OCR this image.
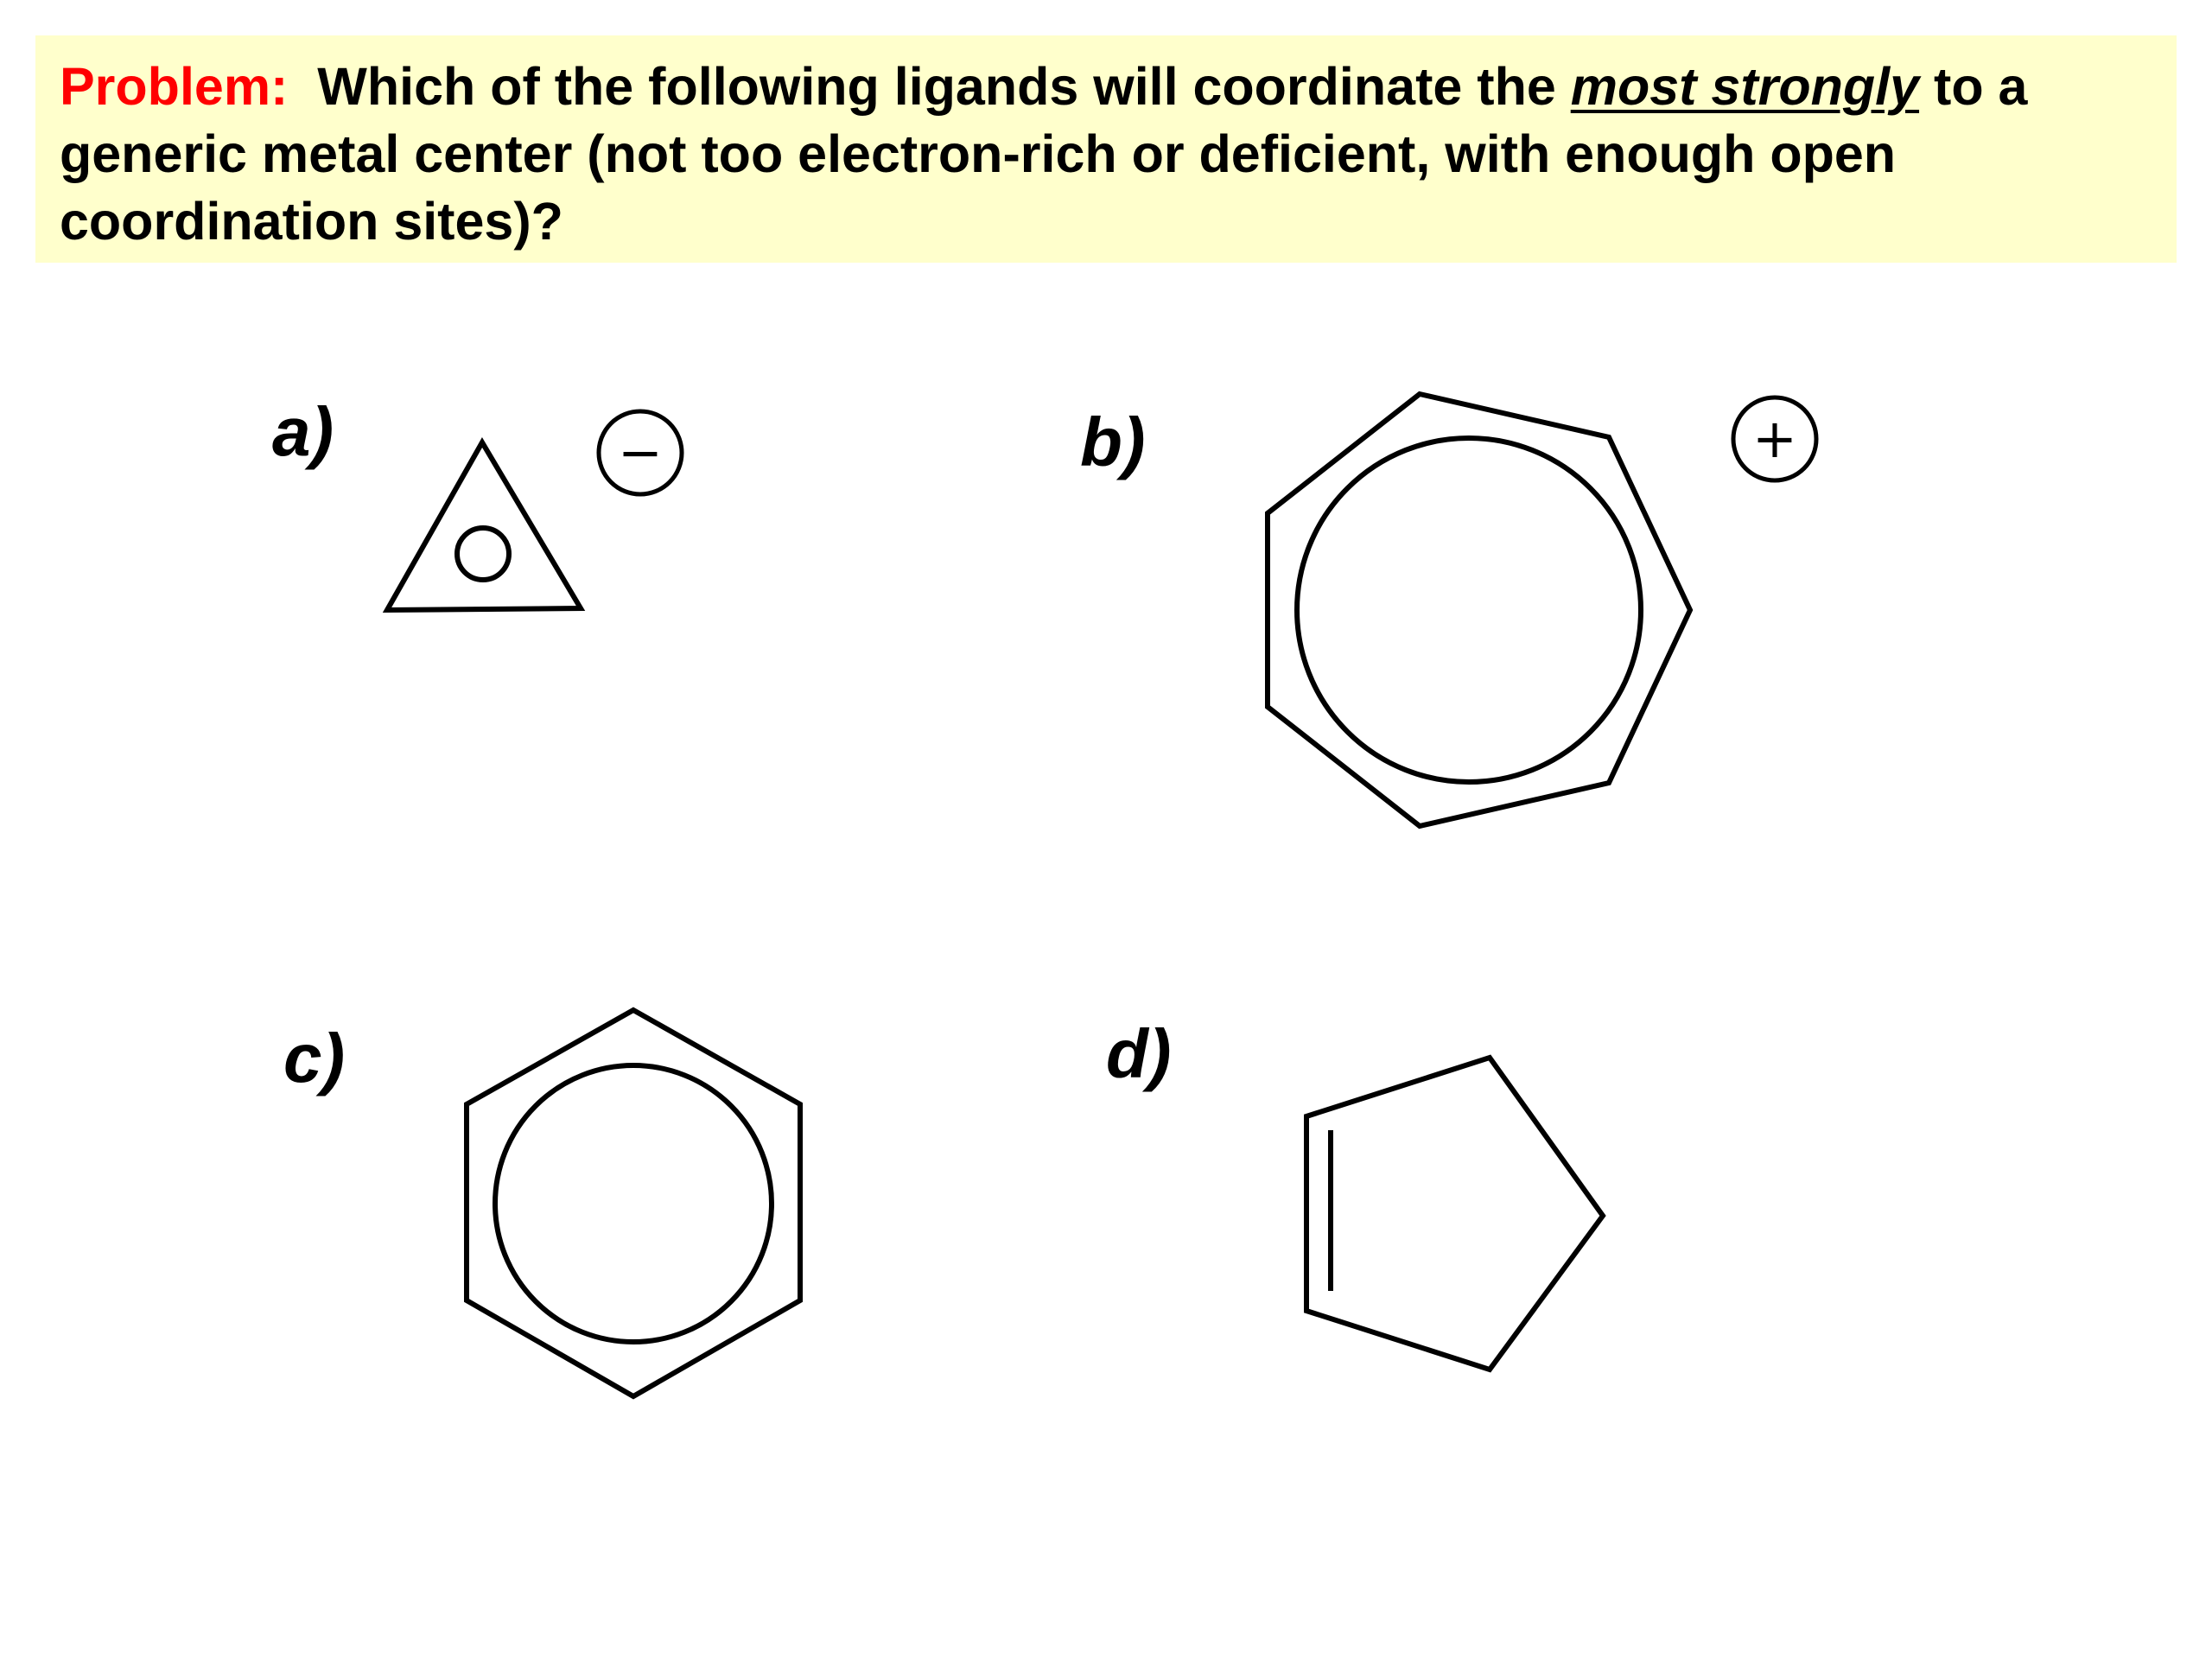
Problem: Which of the following ligands will coordinate the most strongly to a generic metal center (not too electron-rich or deficient, with enough open coordination sites)?

a)	b)
c)	d)
−	+
